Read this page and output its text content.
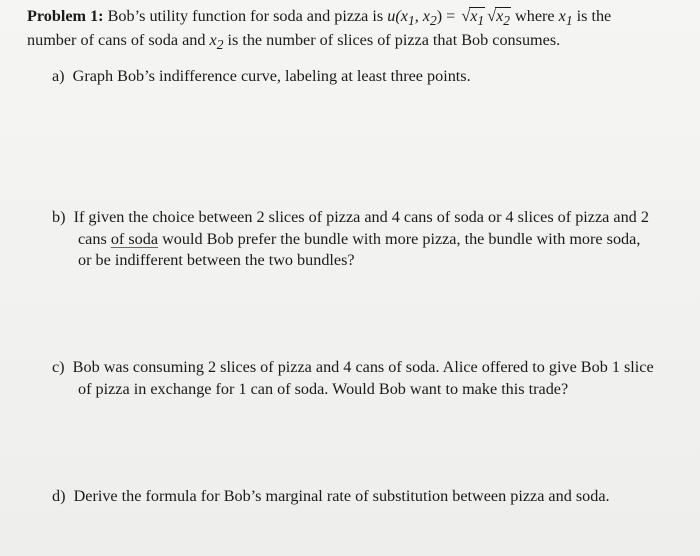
Problem 1: Bob’s utility function for soda and pizza is $u(x_1$, $x_2) = √x_1$ $√x_2$ where $x_1$ is the
number of cans of soda and $x_2$ is the number of slices of pizza that Bob consumes.
a) Graph Bob’s indifference curve, labeling at least three points.
b) If given the choice between 2 slices of pizza and 4 cans of soda or 4 slices of pizza and 2
cans of soda would Bob prefer the bundle with more pizza, the bundle with more soda,
or be indifferent between the two bundles?
c) Bob was consuming 2 slices of pizza and 4 cans of soda. Alice offered to give Bob 1 slice
of pizza in exchange for 1 can of soda. Would Bob want to make this trade?
d) Derive the formula for Bob’s marginal rate of substitution between pizza and soda.
